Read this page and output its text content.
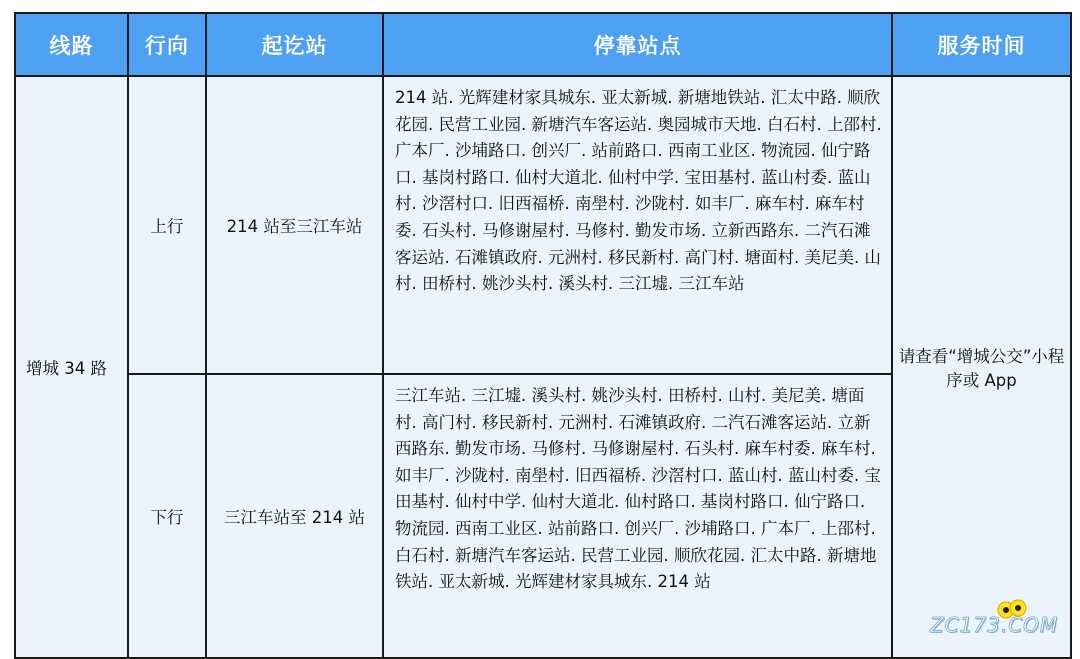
线路	行向	起讫站	停靠站点	服务时间
增城 34 路	上行	214 站至三江车站	214 站. 光辉建材家具城东. 亚太新城. 新塘地铁站. 汇太中路. 顺欣花园. 民营工业园. 新塘汽车客运站. 奥园城市天地. 白石村. 上邵村. 广本厂. 沙埔路口. 创兴厂. 站前路口. 西南工业区. 物流园. 仙宁路口. 基岗村路口. 仙村大道北. 仙村中学. 宝田基村. 蓝山村委. 蓝山村. 沙滘村口. 旧西福桥. 南壆村. 沙陇村. 如丰厂. 麻车村. 麻车村委. 石头村. 马修谢屋村. 马修村. 勤发市场. 立新西路东. 二汽石滩客运站. 石滩镇政府. 元洲村. 移民新村. 高门村. 塘面村. 美尼美. 山村. 田桥村. 姚沙头村. 溪头村. 三江墟. 三江车站	请查看“增城公交”小程序或 App
	下行	三江车站至 214 站	三江车站. 三江墟. 溪头村. 姚沙头村. 田桥村. 山村. 美尼美. 塘面村. 高门村. 移民新村. 元洲村. 石滩镇政府. 二汽石滩客运站. 立新西路东. 勤发市场. 马修村. 马修谢屋村. 石头村. 麻车村委. 麻车村. 如丰厂. 沙陇村. 南壆村. 旧西福桥. 沙滘村口. 蓝山村. 蓝山村委. 宝田基村. 仙村中学. 仙村大道北. 仙村路口. 基岗村路口. 仙宁路口. 物流园. 西南工业区. 站前路口. 创兴厂. 沙埔路口. 广本厂. 上邵村. 白石村. 新塘汽车客运站. 民营工业园. 顺欣花园. 汇太中路. 新塘地铁站. 亚太新城. 光辉建材家具城东. 214 站	
ZC173.COM
